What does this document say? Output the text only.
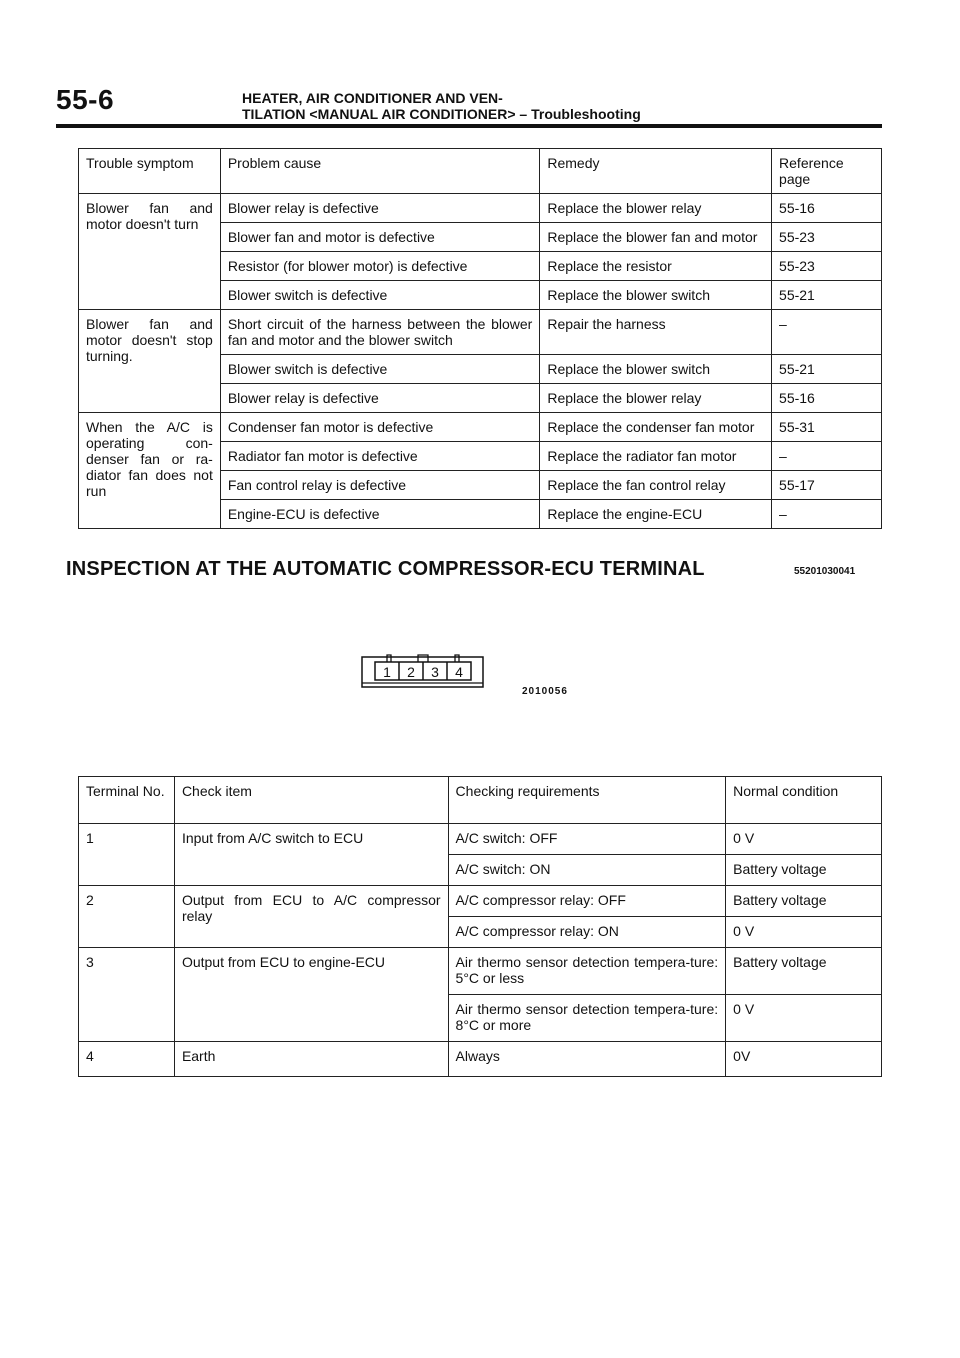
55-6	HEATER, AIR CONDITIONER AND VEN-
TILATION <MANUAL AIR CONDITIONER> – Troubleshooting
Trouble symptom	Problem cause	Remedy	Reference page
Blower fan and motor doesn't turn	Blower relay is defective	Replace the blower relay	55-16
	Blower fan and motor is defective	Replace the blower fan and motor	55-23
	Resistor (for blower motor) is defective	Replace the resistor	55-23
	Blower switch is defective	Replace the blower switch	55-21
Blower fan and motor doesn't stop turning.	Short circuit of the harness between the blower fan and motor and the blower switch	Repair the harness	–
	Blower switch is defective	Replace the blower switch	55-21
	Blower relay is defective	Replace the blower relay	55-16
When the A/C is operating con-denser fan or ra-diator fan does not run	Condenser fan motor is defective	Replace the condenser fan motor	55-31
	Radiator fan motor is defective	Replace the radiator fan motor	–
	Fan control relay is defective	Replace the fan control relay	55-17
	Engine-ECU is defective	Replace the engine-ECU	–
INSPECTION AT THE AUTOMATIC COMPRESSOR-ECU TERMINAL	55201030041
1 2 3 4
2010056
Terminal No.	Check item	Checking requirements	Normal condition
1	Input from A/C switch to ECU	A/C switch: OFF	0 V
		A/C switch: ON	Battery voltage
2	Output from ECU to A/C compressor relay	A/C compressor relay: OFF	Battery voltage
		A/C compressor relay: ON	0 V
3	Output from ECU to engine-ECU	Air thermo sensor detection tempera-ture: 5°C or less	Battery voltage
		Air thermo sensor detection tempera-ture: 8°C or more	0 V
4	Earth	Always	0V
